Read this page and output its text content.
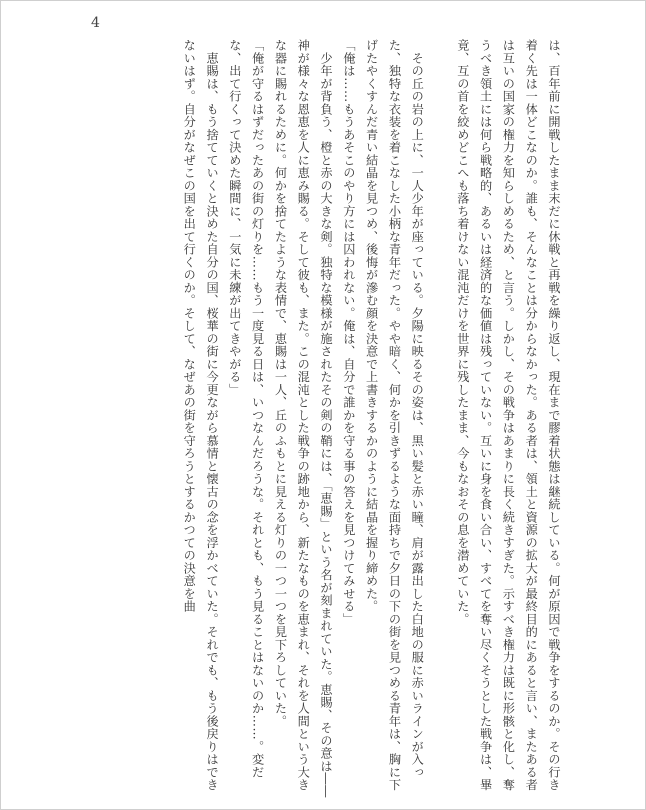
4

は、百年前に開戦したまま末だに休戦と再戦を繰り返し、現在まで膠着状態は継続している。何が原因で戦争をするのか。その行き着く先は一体どこなのか。誰も、そんなことは分からなかった。ある者は、領土と資源の拡大が最終目的にあると言い、またある者は互いの国家の権力を知らしめるため、と言う。しかし、その戦争はあまりに長く続きすぎた。示すべき権力は既に形骸と化し、奪うべき領土には何ら戦略的、あるいは経済的な価値は残っていない。互いに身を食い合い、すべてを奪い尽くそうとした戦争は、畢竟、互の首を絞めどこへも落ち着けない混沌だけを世界に残したまま、今もなおその息を潜めていた。

　その丘の岩の上に、一人少年が座っている。夕陽に映るその姿は、黒い髪と赤い瞳、肩が露出した白地の服に赤いラインが入った、独特な衣装を着こなした小柄な青年だった。やや暗く、何かを引きずるような面持ちで夕日の下の街を見つめる青年は、胸に下げたやくすんだ青い結晶を見つめ、後悔が滲む顔を決意で上書きするかのように結晶を握り締めた。

「俺は……もうあそこのやり方には囚われない。俺は、自分で誰かを守る事の答えを見つけてみせる」

　少年が背負う、橙と赤の大きな剣。独特な模様が施されたその剣の鞘には、「恵賜」という名が刻まれていた。恵賜、その意は――神が様々な恩恵を人に恵み賜る。そして彼も、また。この混沌とした戦争の跡地から、新たなものを恵まれ、それを人間という大きな器に賜れるために。何かを捨てたような表情で、恵賜は一人、丘のふもとに見える灯りの一つ一つを見下ろしていた。

「俺が守るはずだったあの街の灯りを……もう一度見る日は、いつなんだろうな。それとも、もう見ることはないのか……。変だな、出て行くって決めた瞬間に、一気に未練が出てきやがる」

　恵賜は、もう捨てていくと決めた自分の国、桜華の街に今更ながら慕情と懐古の念を浮かべていた。それでも、もう後戻りはできないはず。自分がなぜこの国を出て行くのか。そして、なぜあの街を守ろうとするかつての決意を曲
